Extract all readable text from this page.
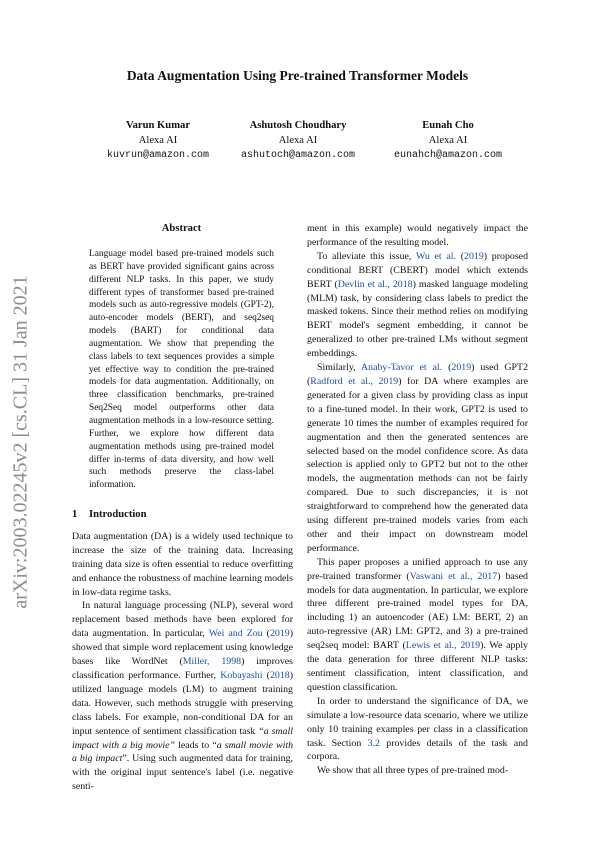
Data Augmentation Using Pre-trained Transformer Models
Varun Kumar
Alexa AI
kuvrun@amazon.com
Ashutosh Choudhary
Alexa AI
ashutoch@amazon.com
Eunah Cho
Alexa AI
eunahch@amazon.com
arXiv:2003.02245v2 [cs.CL] 31 Jan 2021
Abstract
Language model based pre-trained models such as BERT have provided significant gains across different NLP tasks. In this paper, we study different types of transformer based pre-trained models such as auto-regressive models (GPT-2), auto-encoder models (BERT), and seq2seq models (BART) for conditional data augmentation. We show that prepending the class labels to text sequences provides a simple yet effective way to condition the pre-trained models for data augmentation. Additionally, on three classification benchmarks, pre-trained Seq2Seq model outperforms other data augmentation methods in a low-resource setting. Further, we explore how different data augmentation methods using pre-trained model differ in-terms of data diversity, and how well such methods preserve the class-label information.
1 Introduction

Data augmentation (DA) is a widely used technique to increase the size of the training data. Increasing training data size is often essential to reduce overfitting and enhance the robustness of machine learning models in low-data regime tasks.

In natural language processing (NLP), several word replacement based methods have been explored for data augmentation. In particular, Wei and Zou (2019) showed that simple word replacement using knowledge bases like WordNet (Miller, 1998) improves classification performance. Further, Kobayashi (2018) utilized language models (LM) to augment training data. However, such methods struggle with preserving class labels. For example, non-conditional DA for an input sentence of sentiment classification task “a small impact with a big movie” leads to “a small movie with a big impact”. Using such augmented data for training, with the original input sentence's label (i.e. negative senti-

ment in this example) would negatively impact the performance of the resulting model.

To alleviate this issue, Wu et al. (2019) proposed conditional BERT (CBERT) model which extends BERT (Devlin et al., 2018) masked language modeling (MLM) task, by considering class labels to predict the masked tokens. Since their method relies on modifying BERT model's segment embedding, it cannot be generalized to other pre-trained LMs without segment embeddings.

Similarly, Anaby-Tavor et al. (2019) used GPT2 (Radford et al., 2019) for DA where examples are generated for a given class by providing class as input to a fine-tuned model. In their work, GPT2 is used to generate 10 times the number of examples required for augmentation and then the generated sentences are selected based on the model confidence score. As data selection is applied only to GPT2 but not to the other models, the augmentation methods can not be fairly compared. Due to such discrepancies, it is not straightforward to comprehend how the generated data using different pre-trained models varies from each other and their impact on downstream model performance.

This paper proposes a unified approach to use any pre-trained transformer (Vaswani et al., 2017) based models for data augmentation. In particular, we explore three different pre-trained model types for DA, including 1) an autoencoder (AE) LM: BERT, 2) an auto-regressive (AR) LM: GPT2, and 3) a pre-trained seq2seq model: BART (Lewis et al., 2019). We apply the data generation for three different NLP tasks: sentiment classification, intent classification, and question classification.

In order to understand the significance of DA, we simulate a low-resource data scenario, where we utilize only 10 training examples per class in a classification task. Section 3.2 provides details of the task and corpora.

We show that all three types of pre-trained mod-
